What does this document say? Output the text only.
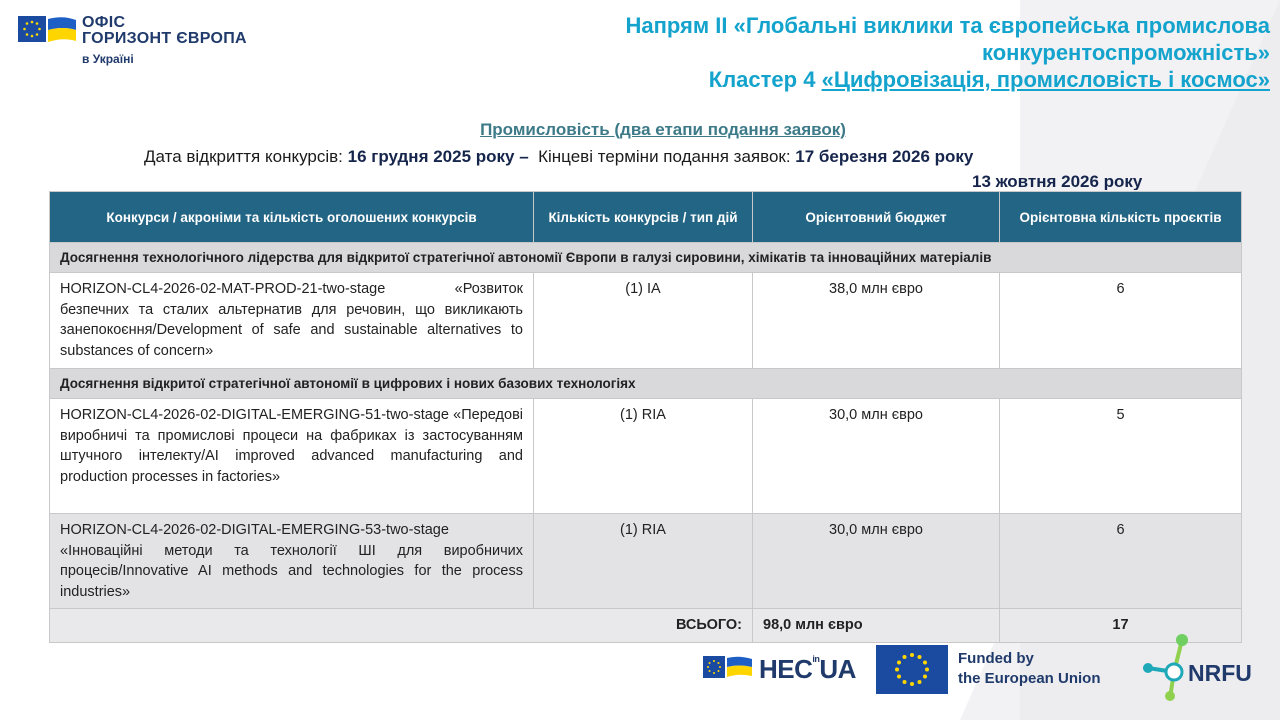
ОФІС
ГОРИЗОНТ ЄВРОПА
в Україні
Напрям II «Глобальні виклики та європейська промислова
конкурентоспроможність»
Кластер 4 «Цифровізація, промисловість і космос»
Промисловість (два етапи подання заявок)
Дата відкриття конкурсів: 16 грудня 2025 року –  Кінцеві терміни подання заявок: 17 березня 2026 року
13 жовтня 2026 року
Конкурси / акроніми та кількість оголошених конкурсів	Кількість конкурсів / тип дій	Орієнтовний бюджет	Орієнтовна кількість проєктів
Досягнення технологічного лідерства для відкритої стратегічної автономії Європи в галузі сировини, хімікатів та інноваційних матеріалів			
HORIZON-CL4-2026-02-MAT-PROD-21-two-stage «Розвиток безпечних та сталих альтернатив для речовин, що викликають занепокоєння/Development of safe and sustainable alternatives to substances of concern»	(1) IA	38,0 млн євро	6
Досягнення відкритої стратегічної автономії в цифрових і нових базових технологіях			
HORIZON-CL4-2026-02-DIGITAL-EMERGING-51-two-stage «Передові виробничі та промислові процеси на фабриках із застосуванням штучного інтелекту/AI improved advanced manufacturing and production processes in factories»	(1) RIA	30,0 млн євро	5
HORIZON-CL4-2026-02-DIGITAL-EMERGING-53-two-stage «Інноваційні методи та технології ШІ для виробничих процесів/Innovative AI methods and technologies for the process industries»	(1) RIA	30,0 млн євро	6
ВСЬОГО:		98,0 млн євро	17
$HEC^{in}UA$	Funded by
the European Union	NRFU
